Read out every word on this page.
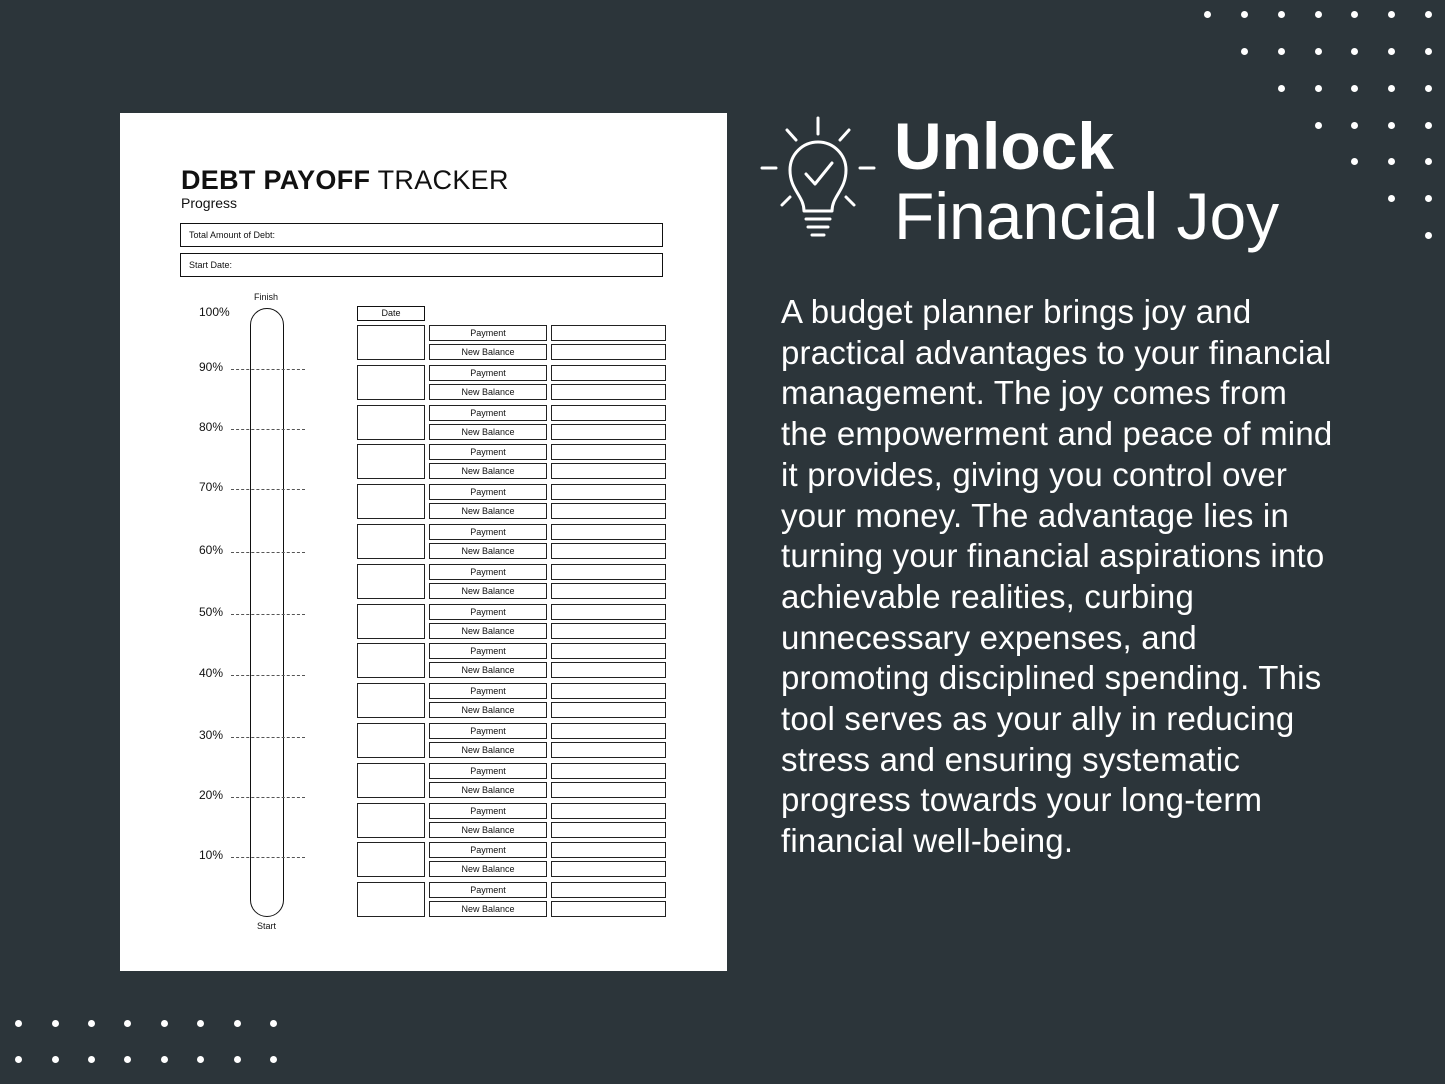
DEBT PAYOFF TRACKER
Progress
Total Amount of Debt:
Start Date:
Finish
Start
100%
90%
80%
70%
60%
50%
40%
30%
20%
10%
Date
Payment
New Balance
Payment
New Balance
Payment
New Balance
Payment
New Balance
Payment
New Balance
Payment
New Balance
Payment
New Balance
Payment
New Balance
Payment
New Balance
Payment
New Balance
Payment
New Balance
Payment
New Balance
Payment
New Balance
Payment
New Balance
Payment
New Balance
Unlock
Financial Joy
A budget planner brings joy and practical advantages to your financial management. The joy comes from the empowerment and peace of mind it provides, giving you control over your money. The advantage lies in turning your financial aspirations into achievable realities, curbing unnecessary expenses, and promoting disciplined spending. This tool serves as your ally in reducing stress and ensuring systematic progress towards your long-term financial well-being.
